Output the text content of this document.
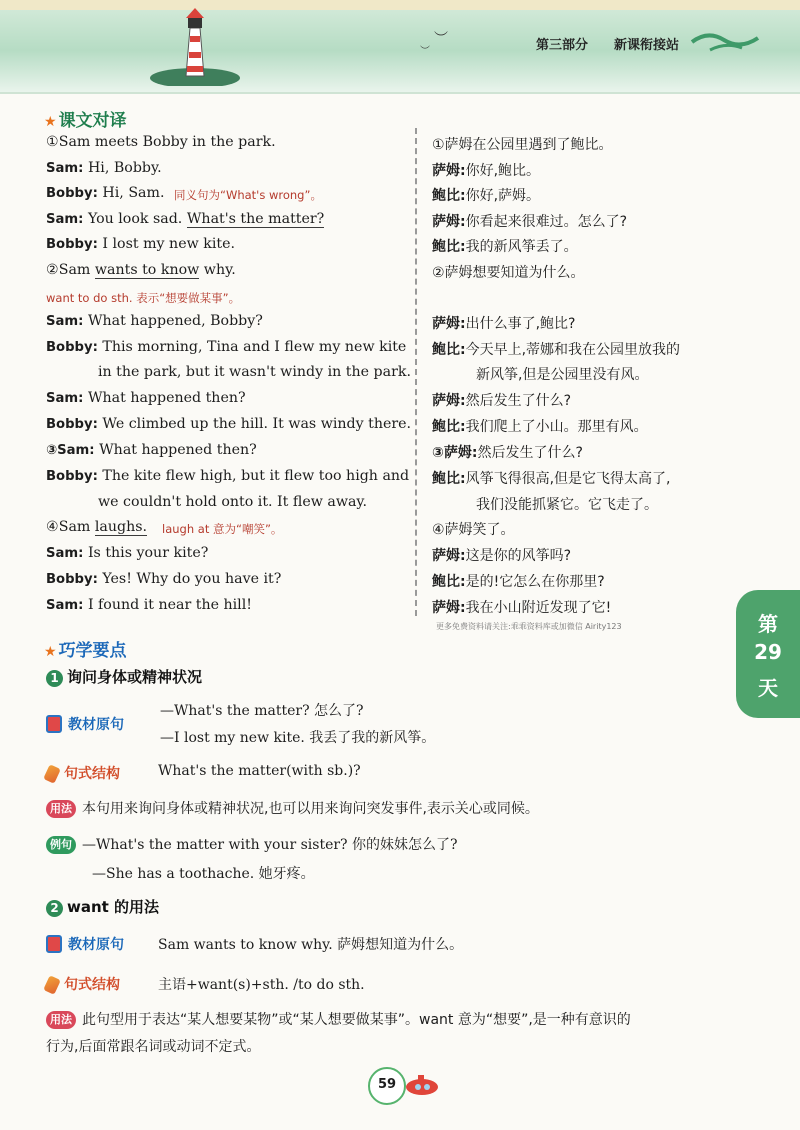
︶
︶	第三部分 新课衔接站
★ 课文对译
①Sam meets Bobby in the park.
Sam: Hi, Bobby.
Bobby: Hi, Sam. 同义句为“What's wrong”。
Sam: You look sad. What's the matter?
Bobby: I lost my new kite.
②Sam wants to know why.
want to do sth. 表示“想要做某事”。
Sam: What happened, Bobby?
Bobby: This morning, Tina and I flew my new kite
in the park, but it wasn't windy in the park.
Sam: What happened then?
Bobby: We climbed up the hill. It was windy there.
③Sam: What happened then?
Bobby: The kite flew high, but it flew too high and
we couldn't hold onto it. It flew away.
④Sam laughs. laugh at 意为“嘲笑”。
Sam: Is this your kite?
Bobby: Yes! Why do you have it?
Sam: I found it near the hill!
①萨姆在公园里遇到了鲍比。
萨姆:你好,鲍比。
鲍比:你好,萨姆。
萨姆:你看起来很难过。怎么了?
鲍比:我的新风筝丢了。
②萨姆想要知道为什么。
萨姆:出什么事了,鲍比?
鲍比:今天早上,蒂娜和我在公园里放我的
新风筝,但是公园里没有风。
萨姆:然后发生了什么?
鲍比:我们爬上了小山。那里有风。
③萨姆:然后发生了什么?
鲍比:风筝飞得很高,但是它飞得太高了,
我们没能抓紧它。它飞走了。
④萨姆笑了。
萨姆:这是你的风筝吗?
鲍比:是的!它怎么在你那里?
萨姆:我在小山附近发现了它!
更多免费资料请关注:乖乖资料库或加微信 Airity123	第
29
天
★ 巧学要点
1 询问身体或精神状况
教材原句
—What's the matter? 怎么了?
—I lost my new kite. 我丢了我的新风筝。
句式结构	What's the matter(with sb.)?
用法 本句用来询问身体或精神状况,也可以用来询问突发事件,表示关心或同候。
例句 —What's the matter with your sister? 你的妹妹怎么了?
—She has a toothache. 她牙疼。
2 want 的用法
教材原句 Sam wants to know why. 萨姆想知道为什么。
句式结构	主语+want(s)+sth. /to do sth.
用法 此句型用于表达“某人想要某物”或“某人想要做某事”。want 意为“想要”,是一种有意识的
行为,后面常跟名词或动词不定式。
59
